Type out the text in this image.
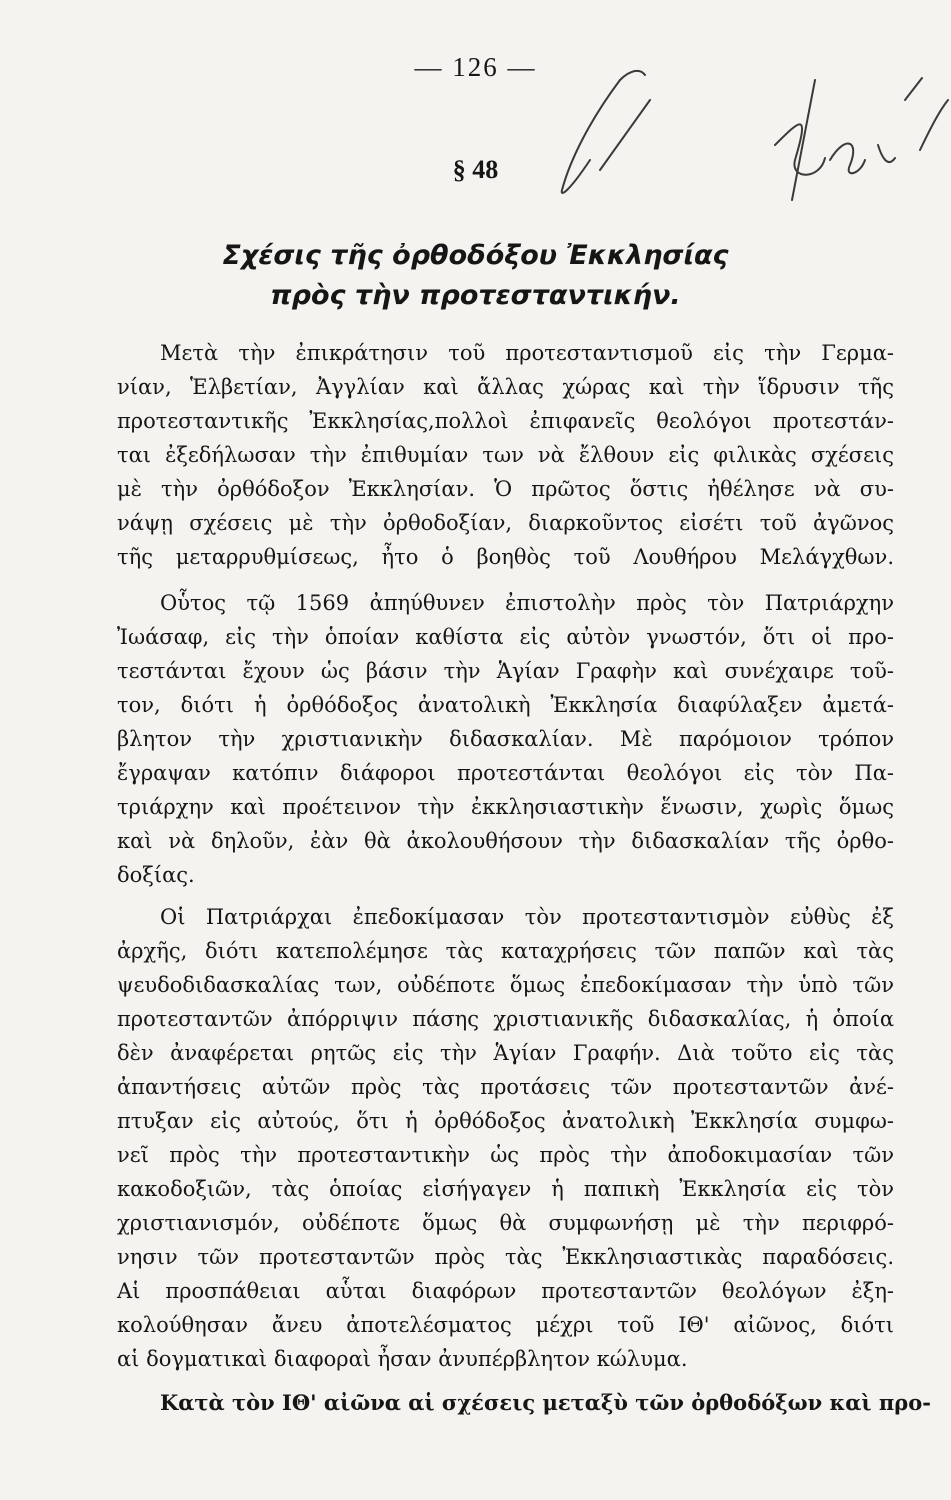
— 126 —
καί
§ 48
Σχέσις τῆς ὀρθοδόξου Ἐκκλησίας
πρὸς τὴν προτεσταντικήν.
Μετὰ τὴν ἐπικράτησιν τοῦ προτεσταντισμοῦ εἰς τὴν Γερμα-
νίαν, Ἑλβετίαν, Ἀγγλίαν καὶ ἄλλας χώρας καὶ τὴν ἵδρυσιν τῆς
προτεσταντικῆς Ἐκκλησίας,πολλοὶ ἐπιφανεῖς θεολόγοι προτεστάν-
ται ἐξεδήλωσαν τὴν ἐπιθυμίαν των νὰ ἔλθουν εἰς φιλικὰς σχέσεις
μὲ τὴν ὀρθόδοξον Ἐκκλησίαν. Ὁ πρῶτος ὅστις ἠθέλησε νὰ συ-
νάψῃ σχέσεις μὲ τὴν ὀρθοδοξίαν, διαρκοῦντος εἰσέτι τοῦ ἀγῶνος
τῆς μεταρρυθμίσεως, ἦτο ὁ βοηθὸς τοῦ Λουθήρου Μελάγχθων.
Οὗτος τῷ 1569 ἀπηύθυνεν ἐπιστολὴν πρὸς τὸν Πατριάρχην
Ἰωάσαφ, εἰς τὴν ὁποίαν καθίστα εἰς αὐτὸν γνωστόν, ὅτι οἱ προ-
τεστάνται ἔχουν ὡς βάσιν τὴν Ἁγίαν Γραφὴν καὶ συνέχαιρε τοῦ-
τον, διότι ἡ ὀρθόδοξος ἀνατολικὴ Ἐκκλησία διαφύλαξεν ἀμετά-
βλητον τὴν χριστιανικὴν διδασκαλίαν. Μὲ παρόμοιον τρόπον
ἔγραψαν κατόπιν διάφοροι προτεστάνται θεολόγοι εἰς τὸν Πα-
τριάρχην καὶ προέτεινον τὴν ἐκκλησιαστικὴν ἕνωσιν, χωρὶς ὅμως
καὶ νὰ δηλοῦν, ἐὰν θὰ ἀκολουθήσουν τὴν διδασκαλίαν τῆς ὀρθο-
δοξίας.
Οἱ Πατριάρχαι ἐπεδοκίμασαν τὸν προτεσταντισμὸν εὐθὺς ἐξ
ἀρχῆς, διότι κατεπολέμησε τὰς καταχρήσεις τῶν παπῶν καὶ τὰς
ψευδοδιδασκαλίας των, οὐδέποτε ὅμως ἐπεδοκίμασαν τὴν ὑπὸ τῶν
προτεσταντῶν ἀπόρριψιν πάσης χριστιανικῆς διδασκαλίας, ἡ ὁποία
δὲν ἀναφέρεται ρητῶς εἰς τὴν Ἁγίαν Γραφήν. Διὰ τοῦτο εἰς τὰς
ἀπαντήσεις αὐτῶν πρὸς τὰς προτάσεις τῶν προτεσταντῶν ἀνέ-
πτυξαν εἰς αὐτούς, ὅτι ἡ ὀρθόδοξος ἀνατολικὴ Ἐκκλησία συμφω-
νεῖ πρὸς τὴν προτεσταντικὴν ὡς πρὸς τὴν ἀποδοκιμασίαν τῶν
κακοδοξιῶν, τὰς ὁποίας εἰσήγαγεν ἡ παπικὴ Ἐκκλησία εἰς τὸν
χριστιανισμόν, οὐδέποτε ὅμως θὰ συμφωνήσῃ μὲ τὴν περιφρό-
νησιν τῶν προτεσταντῶν πρὸς τὰς Ἐκκλησιαστικὰς παραδόσεις.
Αἱ προσπάθειαι αὗται διαφόρων προτεσταντῶν θεολόγων ἐξη-
κολούθησαν ἄνευ ἀποτελέσματος μέχρι τοῦ ΙΘ' αἰῶνος, διότι
αἱ δογματικαὶ διαφοραὶ ἦσαν ἀνυπέρβλητον κώλυμα.
Κατὰ τὸν ΙΘ' αἰῶνα αἱ σχέσεις μεταξὺ τῶν ὀρθοδόξων καὶ προ-
